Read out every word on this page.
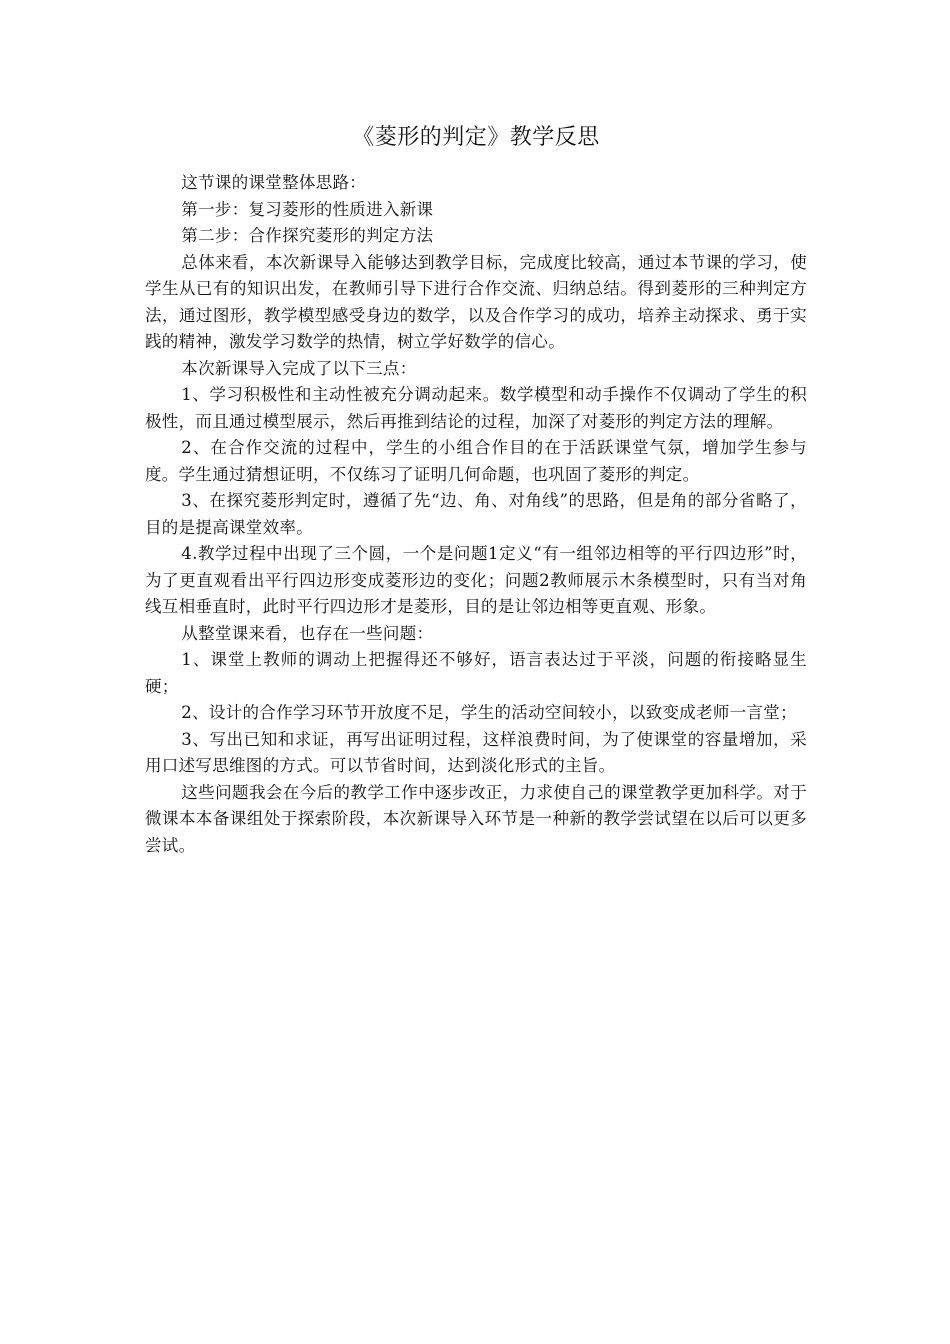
《菱形的判定》教学反思

这节课的课堂整体思路：

第一步：复习菱形的性质进入新课

第二步：合作探究菱形的判定方法

总体来看，本次新课导入能够达到教学目标，完成度比较高，通过本节课的学习，使学生从已有的知识出发，在教师引导下进行合作交流、归纳总结。得到菱形的三种判定方法，通过图形，教学模型感受身边的数学，以及合作学习的成功，培养主动探求、勇于实践的精神，激发学习数学的热情，树立学好数学的信心。

本次新课导入完成了以下三点：

1、学习积极性和主动性被充分调动起来。数学模型和动手操作不仅调动了学生的积极性，而且通过模型展示，然后再推到结论的过程，加深了对菱形的判定方法的理解。

2、在合作交流的过程中，学生的小组合作目的在于活跃课堂气氛，增加学生参与度。学生通过猜想证明，不仅练习了证明几何命题，也巩固了菱形的判定。

3、在探究菱形判定时，遵循了先“边、角、对角线”的思路，但是角的部分省略了，目的是提高课堂效率。

4.教学过程中出现了三个圆，一个是问题1定义“有一组邻边相等的平行四边形”时，为了更直观看出平行四边形变成菱形边的变化；问题2教师展示木条模型时，只有当对角线互相垂直时，此时平行四边形才是菱形，目的是让邻边相等更直观、形象。

从整堂课来看，也存在一些问题：

1、课堂上教师的调动上把握得还不够好，语言表达过于平淡，问题的衔接略显生硬；

2、设计的合作学习环节开放度不足，学生的活动空间较小，以致变成老师一言堂；

3、写出已知和求证，再写出证明过程，这样浪费时间，为了使课堂的容量增加，采用口述写思维图的方式。可以节省时间，达到淡化形式的主旨。

这些问题我会在今后的教学工作中逐步改正，力求使自己的课堂教学更加科学。对于微课本本备课组处于探索阶段，本次新课导入环节是一种新的教学尝试望在以后可以更多尝试。
